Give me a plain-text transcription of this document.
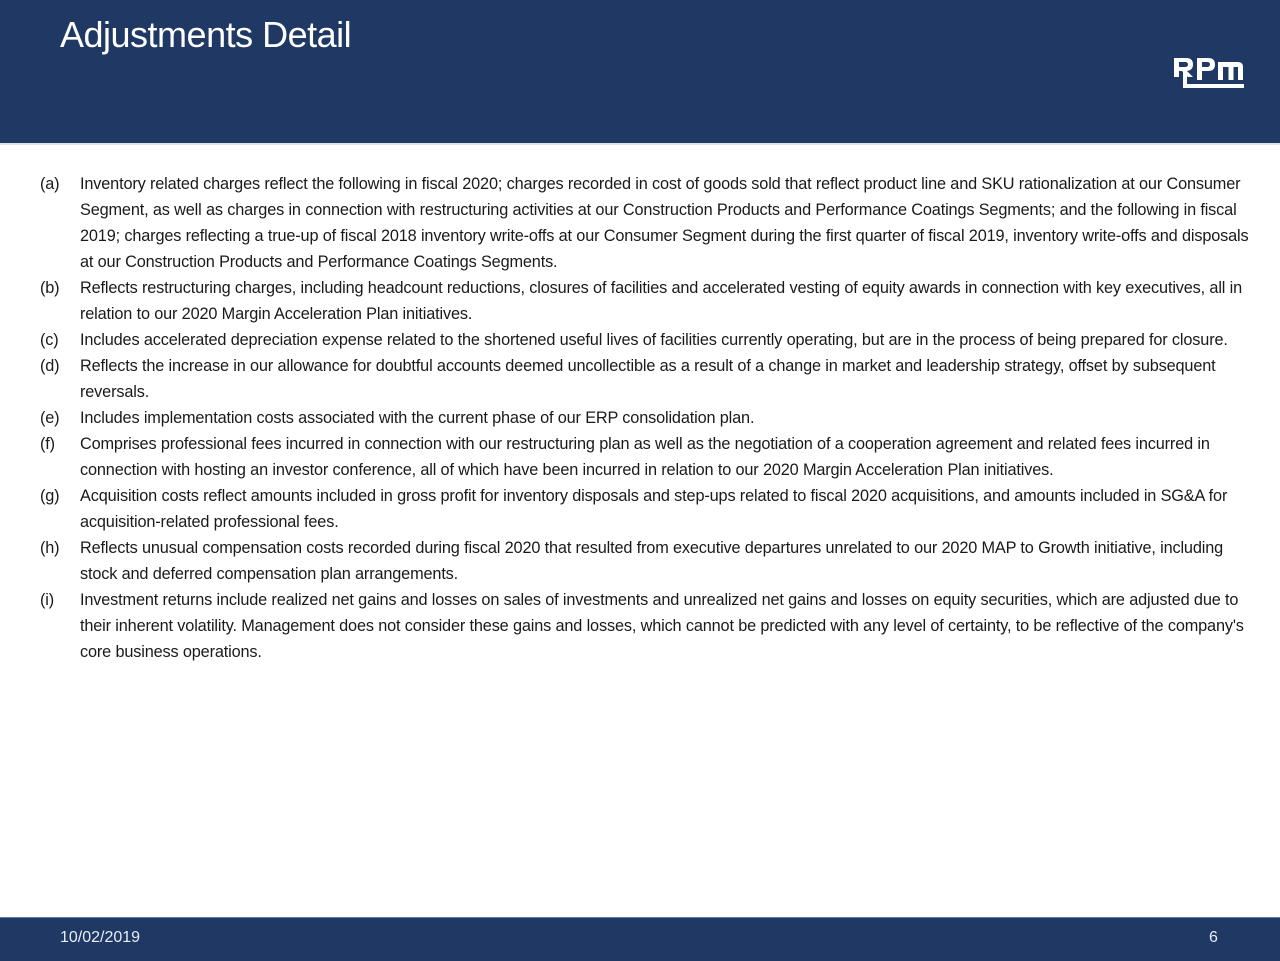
Adjustments Detail
(a) Inventory related charges reflect the following in fiscal 2020; charges recorded in cost of goods sold that reflect product line and SKU rationalization at our Consumer Segment, as well as charges in connection with restructuring activities at our Construction Products and Performance Coatings Segments; and the following in fiscal 2019; charges reflecting a true-up of fiscal 2018 inventory write-offs at our Consumer Segment during the first quarter of fiscal 2019, inventory write-offs and disposals at our Construction Products and Performance Coatings Segments.
(b) Reflects restructuring charges, including headcount reductions, closures of facilities and accelerated vesting of equity awards in connection with key executives, all in relation to our 2020 Margin Acceleration Plan initiatives.
(c) Includes accelerated depreciation expense related to the shortened useful lives of facilities currently operating, but are in the process of being prepared for closure.
(d) Reflects the increase in our allowance for doubtful accounts deemed uncollectible as a result of a change in market and leadership strategy, offset by subsequent reversals.
(e) Includes implementation costs associated with the current phase of our ERP consolidation plan.
(f) Comprises professional fees incurred in connection with our restructuring plan as well as the negotiation of a cooperation agreement and related fees incurred in connection with hosting an investor conference, all of which have been incurred in relation to our 2020 Margin Acceleration Plan initiatives.
(g) Acquisition costs reflect amounts included in gross profit for inventory disposals and step-ups related to fiscal 2020 acquisitions, and amounts included in SG&A for acquisition-related professional fees.
(h) Reflects unusual compensation costs recorded during fiscal 2020 that resulted from executive departures unrelated to our 2020 MAP to Growth initiative, including stock and deferred compensation plan arrangements.
(i) Investment returns include realized net gains and losses on sales of investments and unrealized net gains and losses on equity securities, which are adjusted due to their inherent volatility. Management does not consider these gains and losses, which cannot be predicted with any level of certainty, to be reflective of the company's core business operations.
10/02/2019	6
